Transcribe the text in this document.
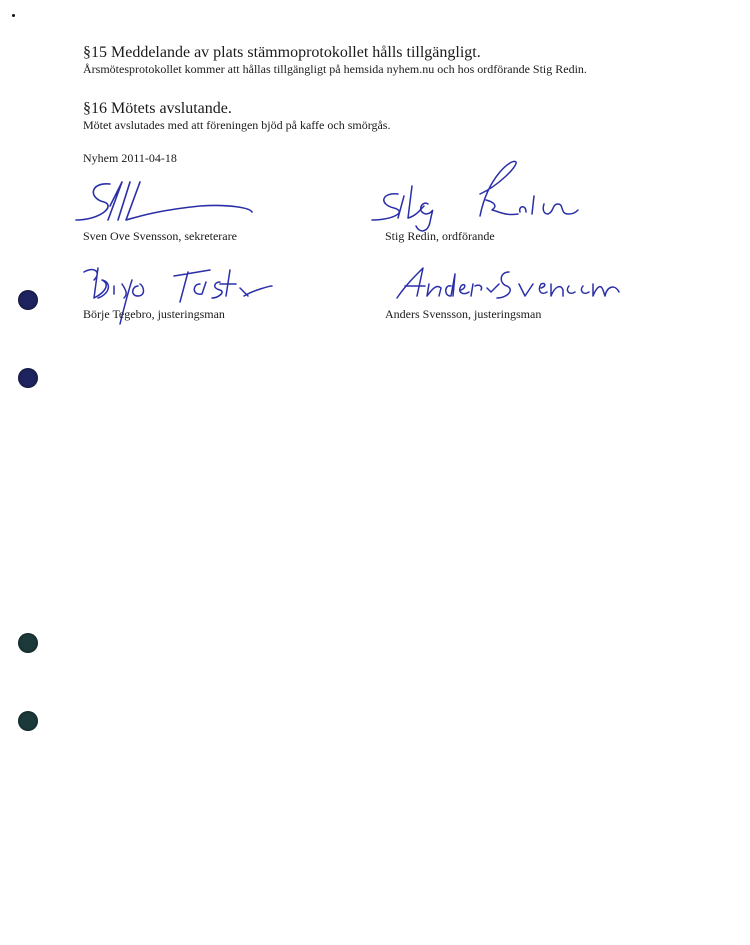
§15 Meddelande av plats stämmoprotokollet hålls tillgängligt.
Årsmötesprotokollet kommer att hållas tillgängligt på hemsida nyhem.nu och hos ordförande Stig Redin.
§16 Mötets avslutande.
Mötet avslutades med att föreningen bjöd på kaffe och smörgås.
Nyhem 2011-04-18
Sven Ove Svensson, sekreterare	Stig Redin, ordförande
Börje Tegebro, justeringsman	Anders Svensson, justeringsman
